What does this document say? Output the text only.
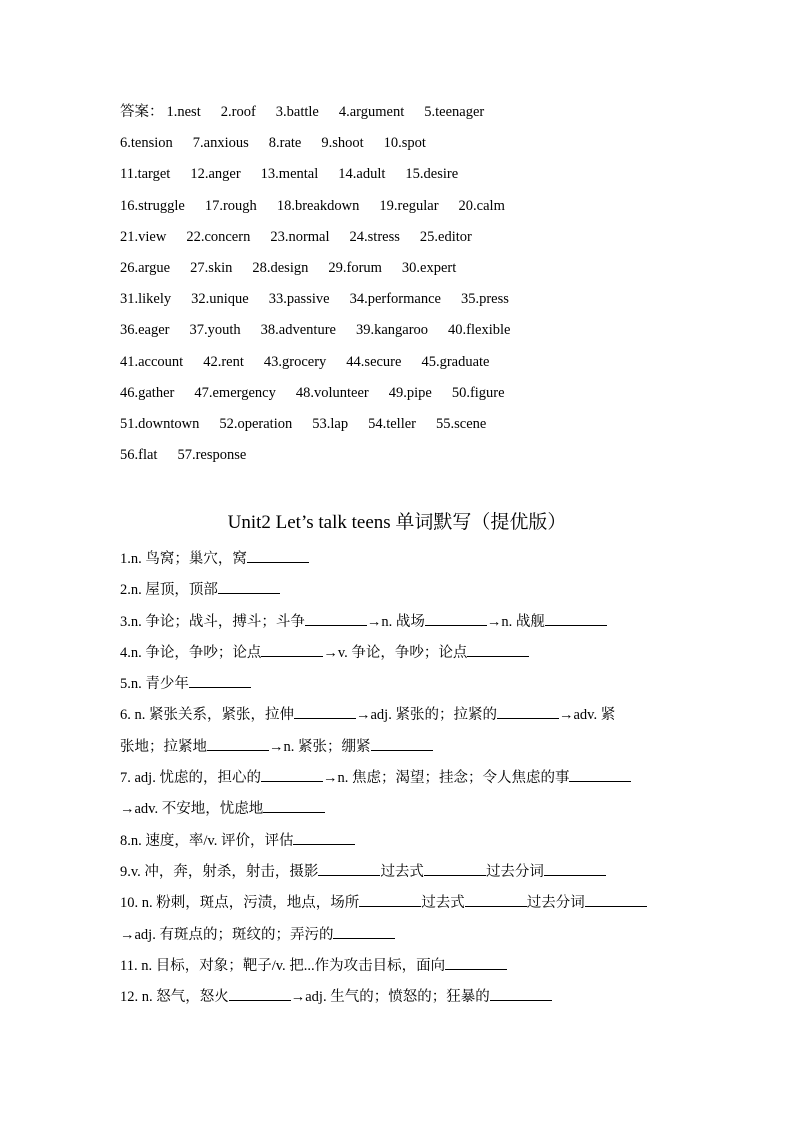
答案： 1.nest 2.roof 3.battle 4.argument 5.teenager
6.tension 7.anxious 8.rate 9.shoot 10.spot
11.target 12.anger 13.mental 14.adult 15.desire
16.struggle 17.rough 18.breakdown 19.regular 20.calm
21.view 22.concern 23.normal 24.stress 25.editor
26.argue 27.skin 28.design 29.forum 30.expert
31.likely 32.unique 33.passive 34.performance 35.press
36.eager 37.youth 38.adventure 39.kangaroo 40.flexible
41.account 42.rent 43.grocery 44.secure 45.graduate
46.gather 47.emergency 48.volunteer 49.pipe 50.figure
51.downtown 52.operation 53.lap 54.teller 55.scene
56.flat 57.response
Unit2 Let’s talk teens 单词默写（提优版）
1.n. 鸟窝；巢穴，窝
2.n. 屋顶，顶部
3.n. 争论；战斗，搏斗；斗争	→n. 战场	→n. 战舰
4.n. 争论，争吵；论点	→v. 争论，争吵；论点
5.n. 青少年
6. n. 紧张关系，紧张，拉伸	→adj. 紧张的；拉紧的	→adv. 紧
张地；拉紧地	→n. 紧张；绷紧
7. adj. 忧虑的，担心的	→n. 焦虑；渴望；挂念；令人焦虑的事
→adv. 不安地，忧虑地
8.n. 速度，率/v. 评价，评估
9.v. 冲，奔，射杀，射击，摄影	过去式	过去分词
10. n. 粉刺，斑点，污渍，地点，场所	过去式	过去分词
→adj. 有斑点的；斑纹的；弄污的
11. n. 目标，对象；靶子/v. 把...作为攻击目标，面向
12. n. 怒气，怒火	→adj. 生气的；愤怒的；狂暴的
